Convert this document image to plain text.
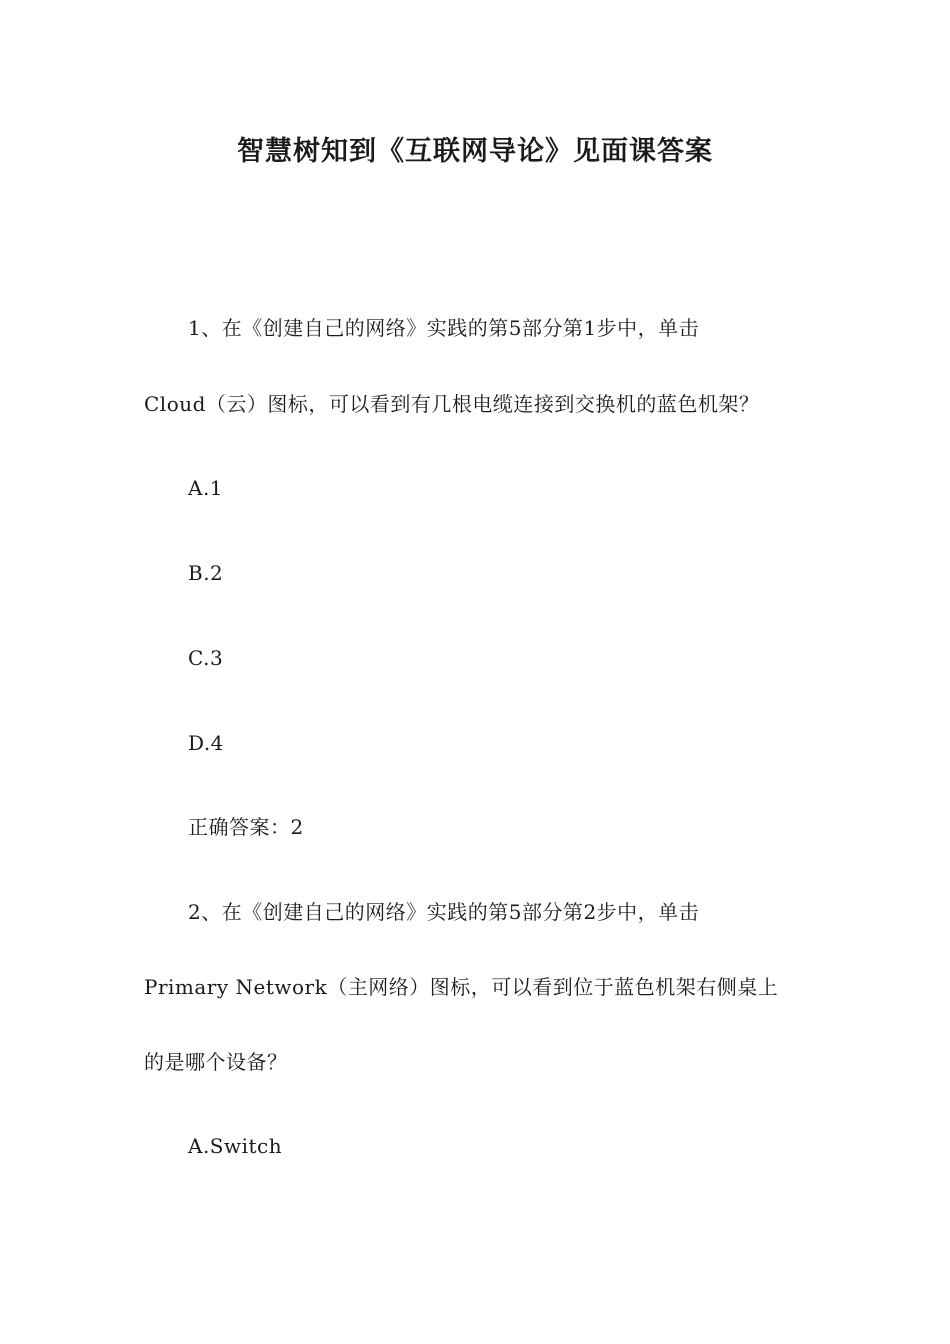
智慧树知到《互联网导论》见面课答案
1、在《创建自己的网络》实践的第5部分第1步中，单击
Cloud（云）图标，可以看到有几根电缆连接到交换机的蓝色机架？
A.1
B.2
C.3
D.4
正确答案：2
2、在《创建自己的网络》实践的第5部分第2步中，单击
Primary Network（主网络）图标，可以看到位于蓝色机架右侧桌上
的是哪个设备？
A.Switch
